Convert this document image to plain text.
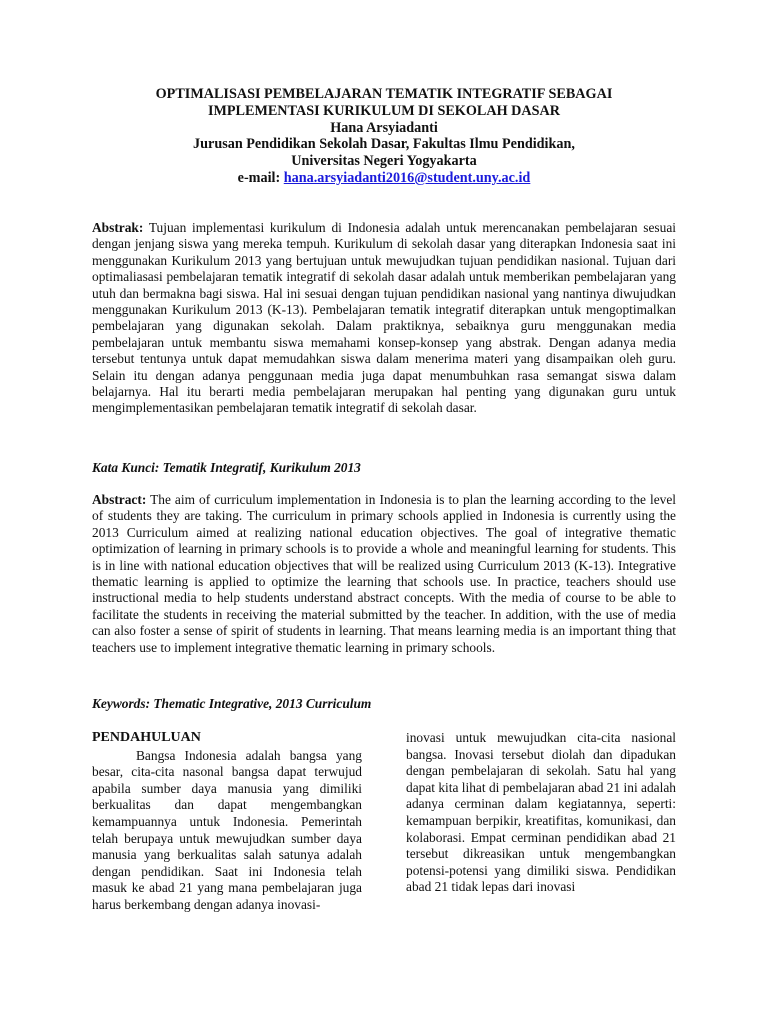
OPTIMALISASI PEMBELAJARAN TEMATIK INTEGRATIF SEBAGAI
IMPLEMENTASI KURIKULUM DI SEKOLAH DASAR
Hana Arsyiadanti
Jurusan Pendidikan Sekolah Dasar, Fakultas Ilmu Pendidikan,
Universitas Negeri Yogyakarta
e-mail: hana.arsyiadanti2016@student.uny.ac.id
Abstrak: Tujuan implementasi kurikulum di Indonesia adalah untuk merencanakan pembelajaran sesuai dengan jenjang siswa yang mereka tempuh. Kurikulum di sekolah dasar yang diterapkan Indonesia saat ini menggunakan Kurikulum 2013 yang bertujuan untuk mewujudkan tujuan pendidikan nasional. Tujuan dari optimaliasasi pembelajaran tematik integratif di sekolah dasar adalah untuk memberikan pembelajaran yang utuh dan bermakna bagi siswa. Hal ini sesuai dengan tujuan pendidikan nasional yang nantinya diwujudkan menggunakan Kurikulum 2013 (K-13). Pembelajaran tematik integratif diterapkan untuk mengoptimalkan pembelajaran yang digunakan sekolah. Dalam praktiknya, sebaiknya guru menggunakan media pembelajaran untuk membantu siswa memahami konsep-konsep yang abstrak. Dengan adanya media tersebut tentunya untuk dapat memudahkan siswa dalam menerima materi yang disampaikan oleh guru. Selain itu dengan adanya penggunaan media juga dapat menumbuhkan rasa semangat siswa dalam belajarnya. Hal itu berarti media pembelajaran merupakan hal penting yang digunakan guru untuk mengimplementasikan pembelajaran tematik integratif di sekolah dasar.
Kata Kunci: Tematik Integratif, Kurikulum 2013
Abstract: The aim of curriculum implementation in Indonesia is to plan the learning according to the level of students they are taking. The curriculum in primary schools applied in Indonesia is currently using the 2013 Curriculum aimed at realizing national education objectives. The goal of integrative thematic optimization of learning in primary schools is to provide a whole and meaningful learning for students. This is in line with national education objectives that will be realized using Curriculum 2013 (K-13). Integrative thematic learning is applied to optimize the learning that schools use. In practice, teachers should use instructional media to help students understand abstract concepts. With the media of course to be able to facilitate the students in receiving the material submitted by the teacher. In addition, with the use of media can also foster a sense of spirit of students in learning. That means learning media is an important thing that teachers use to implement integrative thematic learning in primary schools.
Keywords: Thematic Integrative, 2013 Curriculum
PENDAHULUAN

Bangsa Indonesia adalah bangsa yang besar, cita-cita nasonal bangsa dapat terwujud apabila sumber daya manusia yang dimiliki berkualitas dan dapat mengembangkan kemampuannya untuk Indonesia. Pemerintah telah berupaya untuk mewujudkan sumber daya manusia yang berkualitas salah satunya adalah dengan pendidikan. Saat ini Indonesia telah masuk ke abad 21 yang mana pembelajaran juga harus berkembang dengan adanya inovasi-

inovasi untuk mewujudkan cita-cita nasional bangsa. Inovasi tersebut diolah dan dipadukan dengan pembelajaran di sekolah. Satu hal yang dapat kita lihat di pembelajaran abad 21 ini adalah adanya cerminan dalam kegiatannya, seperti: kemampuan berpikir, kreatifitas, komunikasi, dan kolaborasi. Empat cerminan pendidikan abad 21 tersebut dikreasikan untuk mengembangkan potensi-potensi yang dimiliki siswa. Pendidikan abad 21 tidak lepas dari inovasi
